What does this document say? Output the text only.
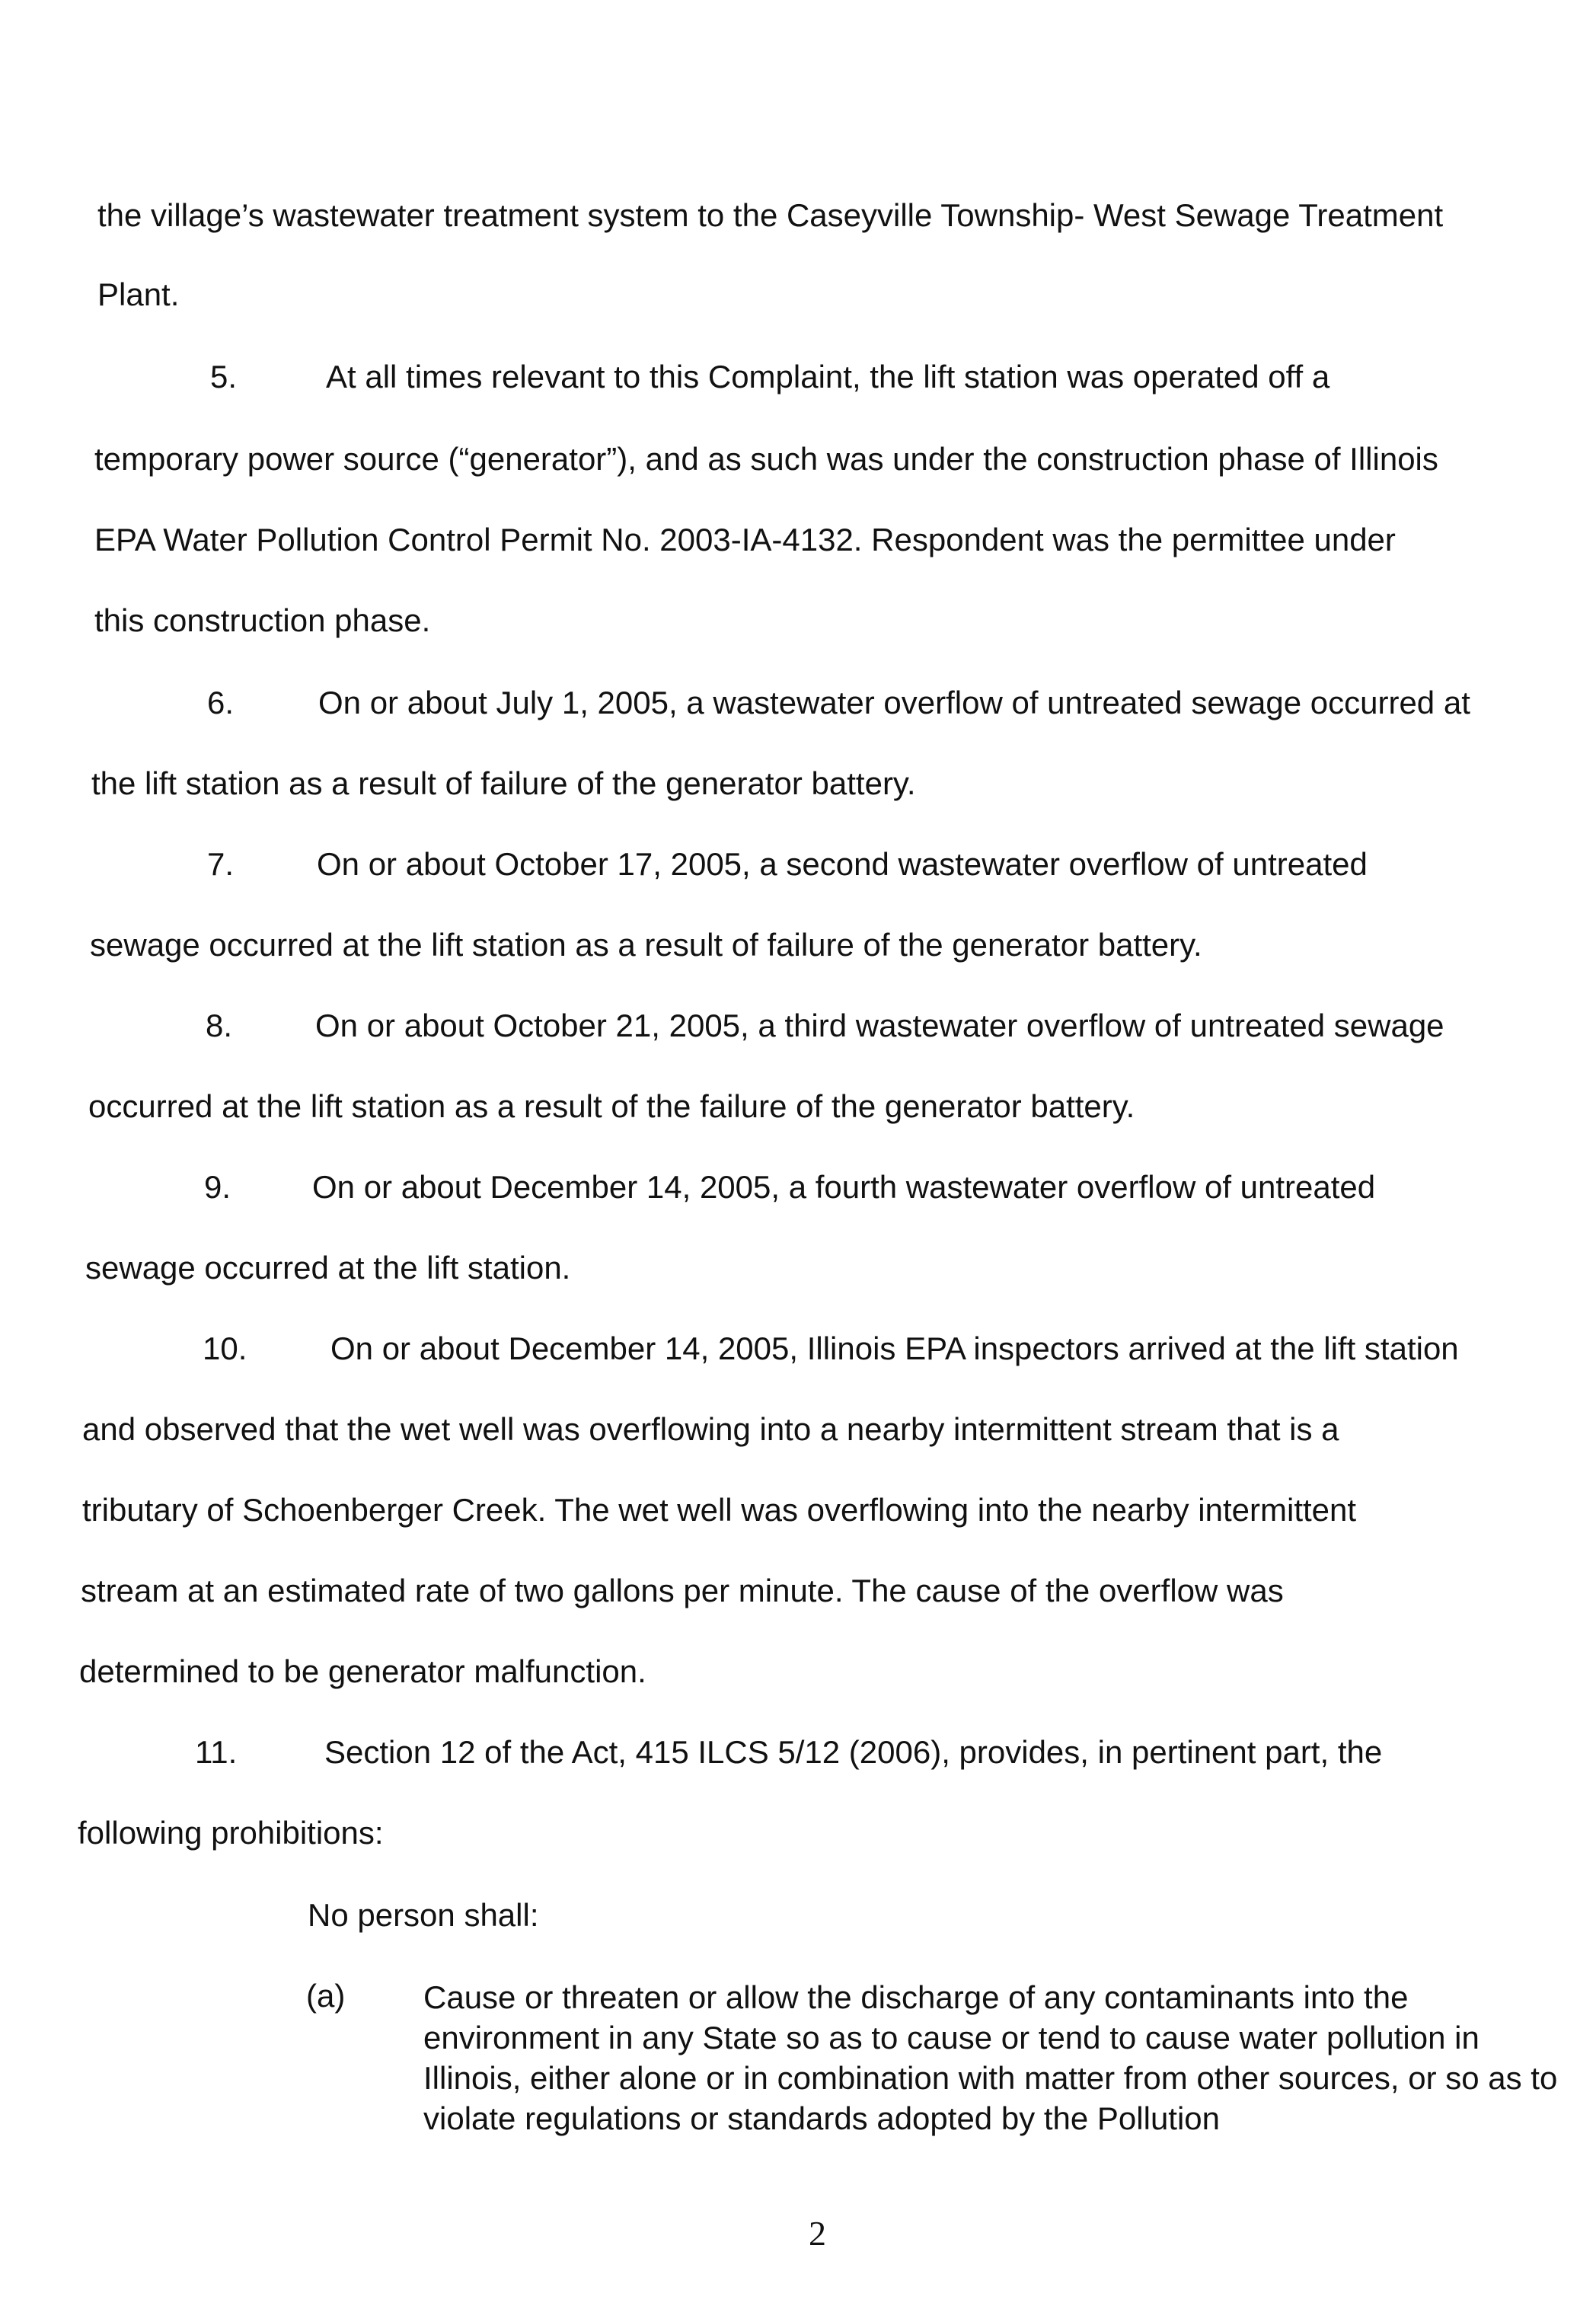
the village’s wastewater treatment system to the Caseyville Township- West Sewage Treatment
Plant.
5.	At all times relevant to this Complaint, the lift station was operated off a
temporary power source (“generator”), and as such was under the construction phase of Illinois
EPA Water Pollution Control Permit No. 2003-IA-4132. Respondent was the permittee under
this construction phase.
6.	On or about July 1, 2005, a wastewater overflow of untreated sewage occurred at
the lift station as a result of failure of the generator battery.
7.	On or about October 17, 2005, a second wastewater overflow of untreated
sewage occurred at the lift station as a result of failure of the generator battery.
8.	On or about October 21, 2005, a third wastewater overflow of untreated sewage
occurred at the lift station as a result of the failure of the generator battery.
9.	On or about December 14, 2005, a fourth wastewater overflow of untreated
sewage occurred at the lift station.
10.	On or about December 14, 2005, Illinois EPA inspectors arrived at the lift station
and observed that the wet well was overflowing into a nearby intermittent stream that is a
tributary of Schoenberger Creek. The wet well was overflowing into the nearby intermittent
stream at an estimated rate of two gallons per minute. The cause of the overflow was
determined to be generator malfunction.
11.	Section 12 of the Act, 415 ILCS 5/12 (2006), provides, in pertinent part, the
following prohibitions:
No person shall:
(a) Cause or threaten or allow the discharge of any contaminants into the environment in any State so as to cause or tend to cause water pollution in Illinois, either alone or in combination with matter from other sources, or so as to violate regulations or standards adopted by the Pollution
2
